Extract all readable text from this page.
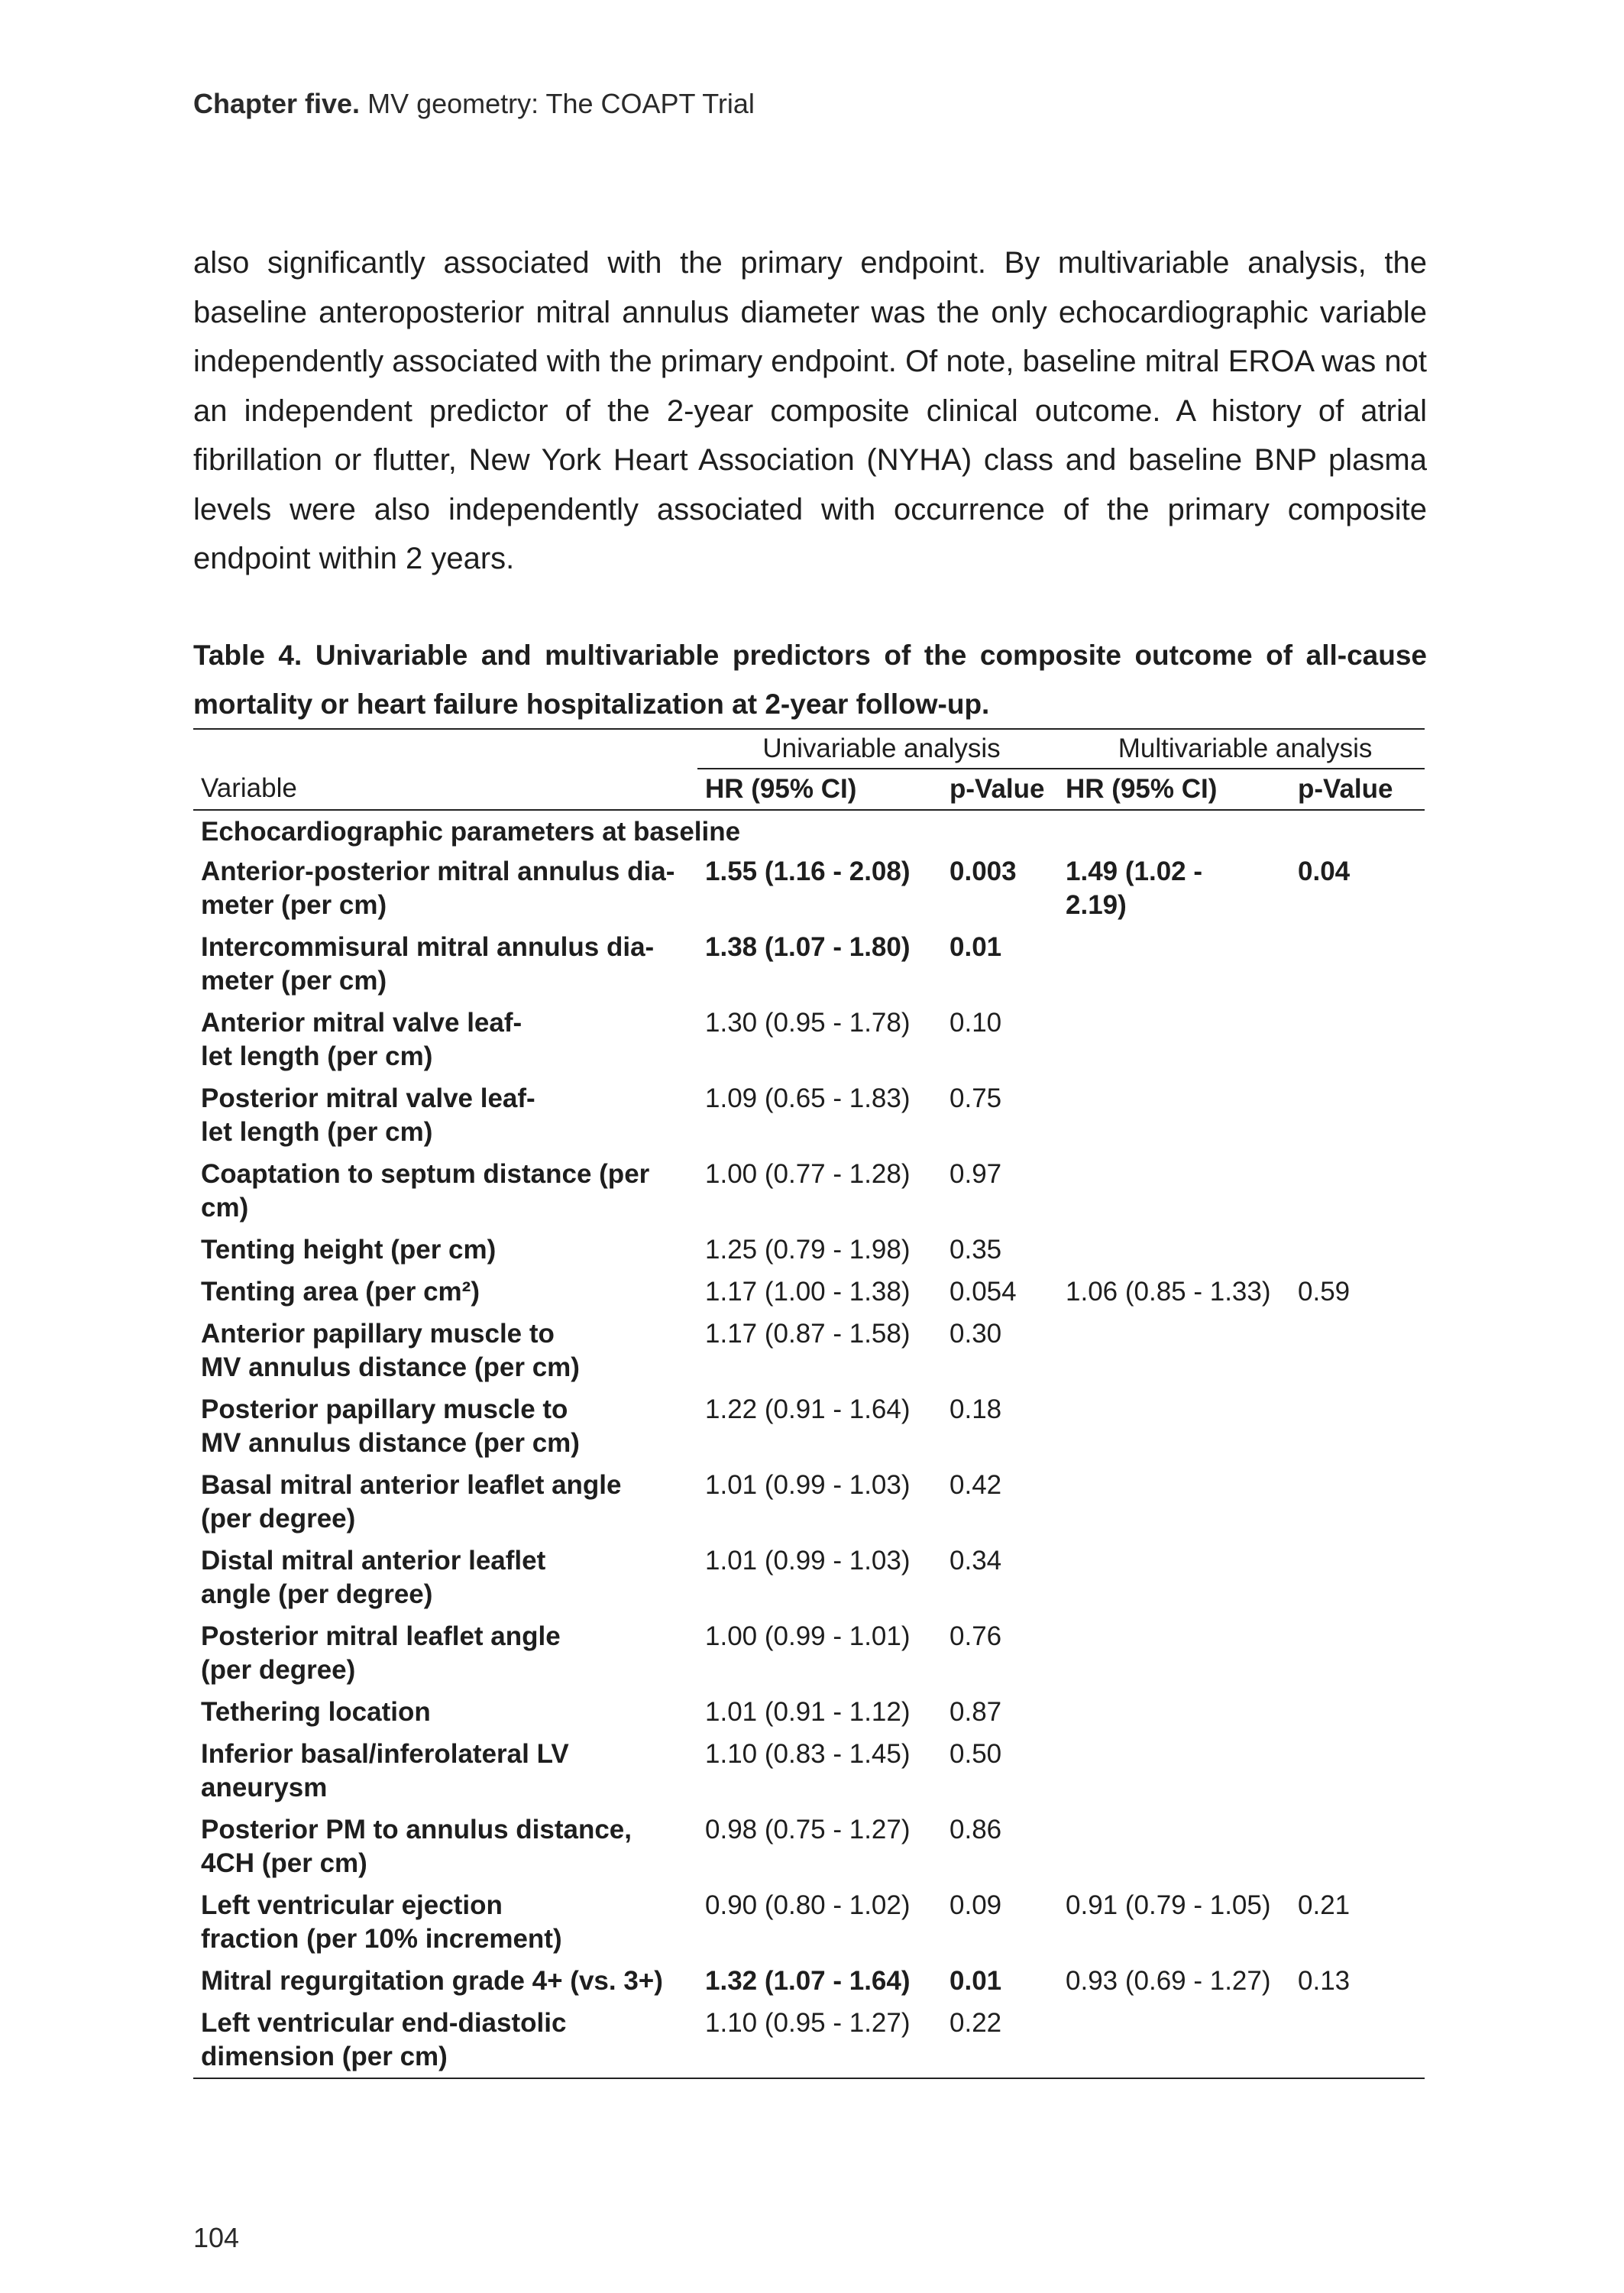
Chapter five. MV geometry: The COAPT Trial

also significantly associated with the primary endpoint. By multivariable analysis, the baseline anteroposterior mitral annulus diameter was the only echocardiographic variable independently associated with the primary endpoint. Of note, baseline mitral EROA was not an independent predictor of the 2-year composite clinical outcome. A history of atrial fibrillation or flutter, New York Heart Association (NYHA) class and baseline BNP plasma levels were also independently associated with occurrence of the primary composite endpoint within 2 years.

Table 4. Univariable and multivariable predictors of the composite outcome of all-cause mortality or heart failure hospitalization at 2-year follow-up.

	Univariable analysis		Multivariable analysis	
Variable	HR (95% CI)	p-Value	HR (95% CI)	p-Value
Echocardiographic parameters at baseline				
Anterior-posterior mitral annulus dia-
meter (per cm)	1.55 (1.16 - 2.08)	0.003	1.49 (1.02 -
2.19)	0.04
Intercommisural mitral annulus dia-
meter (per cm)	1.38 (1.07 - 1.80)	0.01		
Anterior mitral valve leaf-
let length (per cm)	1.30 (0.95 - 1.78)	0.10		
Posterior mitral valve leaf-
let length (per cm)	1.09 (0.65 - 1.83)	0.75		
Coaptation to septum distance (per
cm)	1.00 (0.77 - 1.28)	0.97		
Tenting height (per cm)	1.25 (0.79 - 1.98)	0.35		
Tenting area (per cm²)	1.17 (1.00 - 1.38)	0.054	1.06 (0.85 - 1.33)	0.59
Anterior papillary muscle to
MV annulus distance (per cm)	1.17 (0.87 - 1.58)	0.30		
Posterior papillary muscle to
MV annulus distance (per cm)	1.22 (0.91 - 1.64)	0.18		
Basal mitral anterior leaflet angle
(per degree)	1.01 (0.99 - 1.03)	0.42		
Distal mitral anterior leaflet
angle (per degree)	1.01 (0.99 - 1.03)	0.34		
Posterior mitral leaflet angle
(per degree)	1.00 (0.99 - 1.01)	0.76		
Tethering location	1.01 (0.91 - 1.12)	0.87		
Inferior basal/inferolateral LV
aneurysm	1.10 (0.83 - 1.45)	0.50		
Posterior PM to annulus distance,
4CH (per cm)	0.98 (0.75 - 1.27)	0.86		
Left ventricular ejection
fraction (per 10% increment)	0.90 (0.80 - 1.02)	0.09	0.91 (0.79 - 1.05)	0.21
Mitral regurgitation grade 4+ (vs. 3+)	1.32 (1.07 - 1.64)	0.01	0.93 (0.69 - 1.27)	0.13
Left ventricular end-diastolic
dimension (per cm)	1.10 (0.95 - 1.27)	0.22		
104
